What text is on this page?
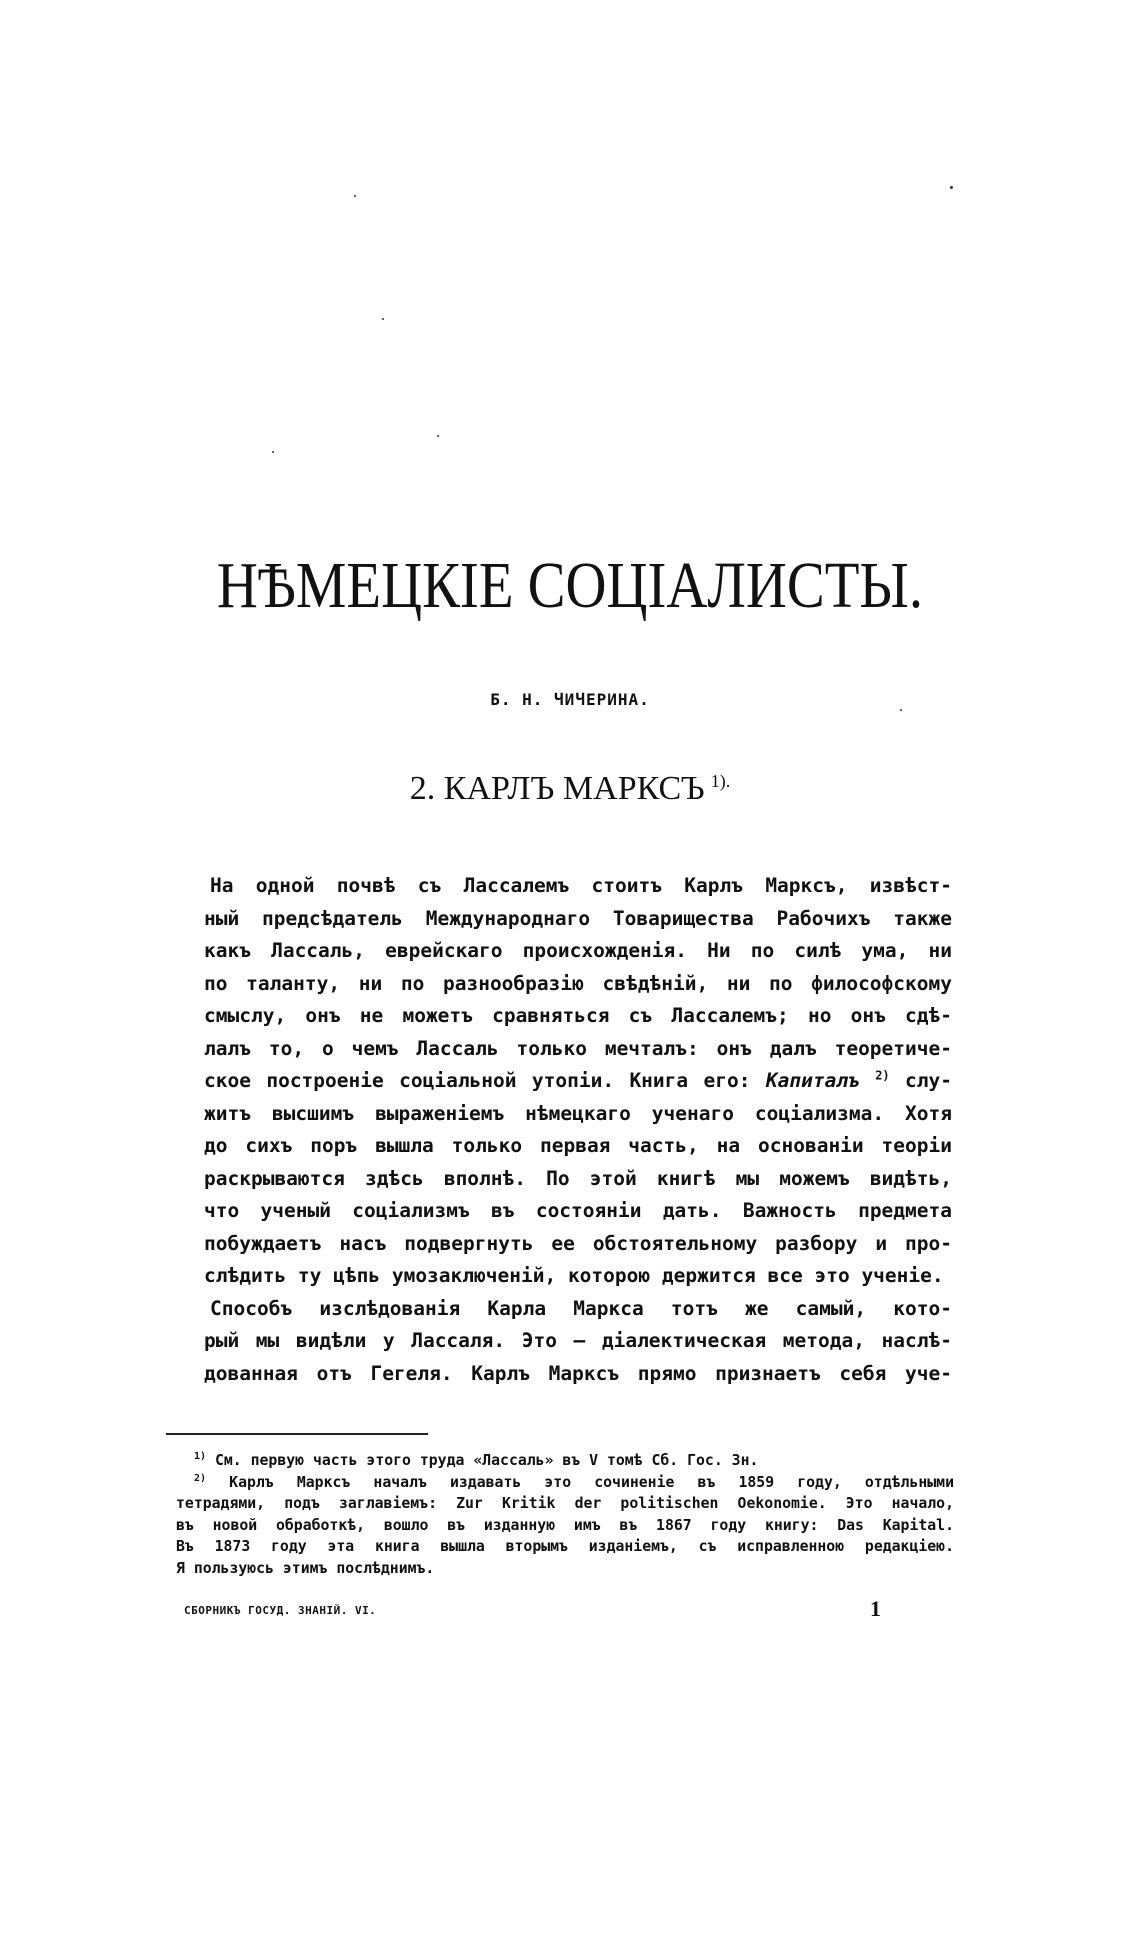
НѢМЕЦКІЕ СОЦІАЛИСТЫ.
Б. Н. ЧИЧЕРИНА.
2. КАРЛЪ МАРКСЪ $^{1).}$
На одной почвѣ съ Лассалемъ стоитъ Карлъ Марксъ, извѣст-
ный предсѣдатель Международнаго Товарищества Рабочихъ также
какъ Лассаль, еврейскаго происхожденія. Ни по силѣ ума, ни
по таланту, ни по разнообразію свѣдѣній, ни по философскому
смыслу, онъ не можетъ сравняться съ Лассалемъ; но онъ сдѣ-
лалъ то, о чемъ Лассаль только мечталъ: онъ далъ теоретиче-
ское построеніе соціальной утопіи. Книга его: Капиталъ $^{2)}$ слу-
житъ высшимъ выраженіемъ нѣмецкаго ученаго соціализма. Хотя
до сихъ поръ вышла только первая часть, на основаніи теоріи
раскрываются здѣсь вполнѣ. По этой книгѣ мы можемъ видѣть,
что ученый соціализмъ въ состояніи дать. Важность предмета
побуждаетъ насъ подвергнуть ее обстоятельному разбору и про-
слѣдить ту цѣпь умозаключеній, которою держится все это ученіе.
Способъ изслѣдованія Карла Маркса тотъ же самый, кото-
рый мы видѣли у Лассаля. Это — діалектическая метода, наслѣ-
дованная отъ Гегеля. Карлъ Марксъ прямо признаетъ себя уче-
$^{1)}$ См. первую часть этого труда «Лассаль» въ V томѣ Сб. Гос. Зн.
$^{2)}$ Карлъ Марксъ началъ издавать это сочиненіе въ 1859 году, отдѣльными
тетрадями, подъ заглавіемъ: Zur Kritik der politischen Oekonomie. Это начало,
въ новой обработкѣ, вошло въ изданную имъ въ 1867 году книгу: Das Kapital.
Въ 1873 году эта книга вышла вторымъ изданіемъ, съ исправленною редакціею.
Я пользуюсь этимъ послѣднимъ.
СБОРНИКЪ ГОСУД. ЗНАНІЙ. VI.	1
